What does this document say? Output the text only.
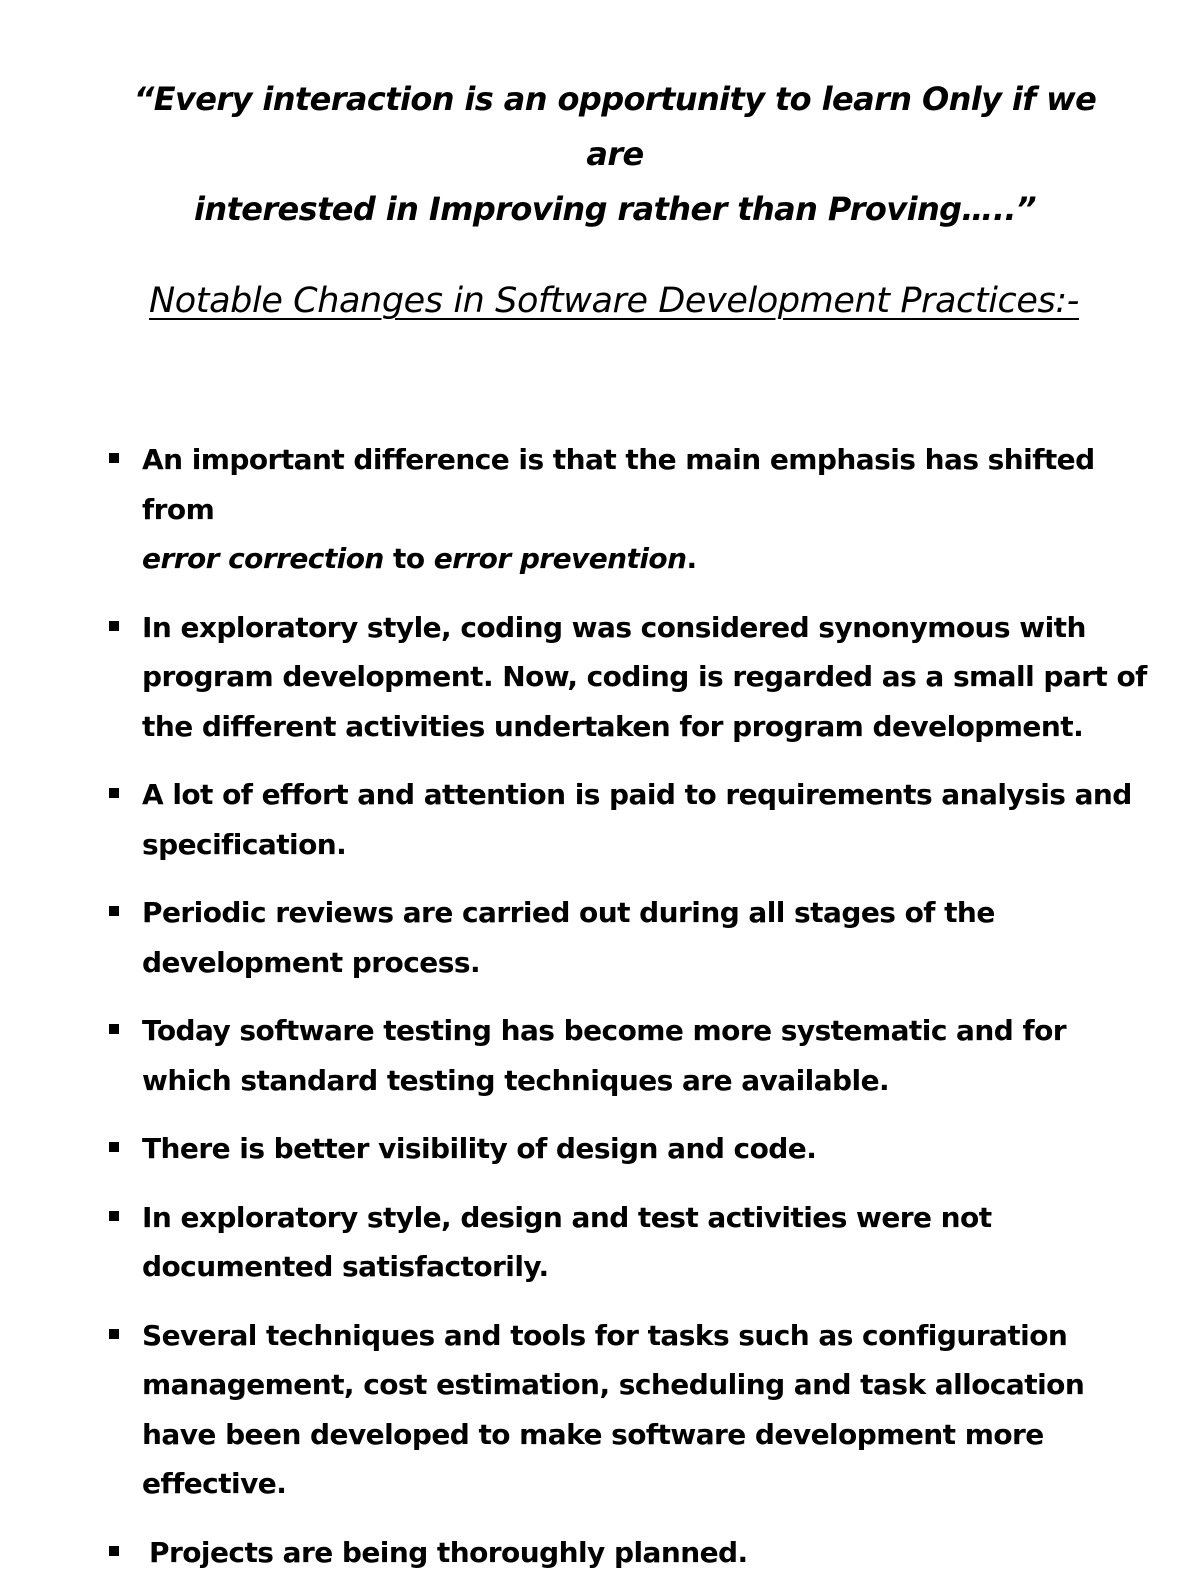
“Every interaction is an opportunity to learn Only if we are
interested in Improving rather than Proving…..”

Notable Changes in Software Development Practices:-
An important difference is that the main emphasis has shifted from
error correction to error prevention.
In exploratory style, coding was considered synonymous with program development. Now, coding is regarded as a small part of the different activities undertaken for program development.
A lot of effort and attention is paid to requirements analysis and specification.
Periodic reviews are carried out during all stages of the development process.
Today software testing has become more systematic and for which standard testing techniques are available.
There is better visibility of design and code.
In exploratory style, design and test activities were not documented satisfactorily.
Several techniques and tools for tasks such as configuration management, cost estimation, scheduling and task allocation have been developed to make software development more effective.
Projects are being thoroughly planned.
